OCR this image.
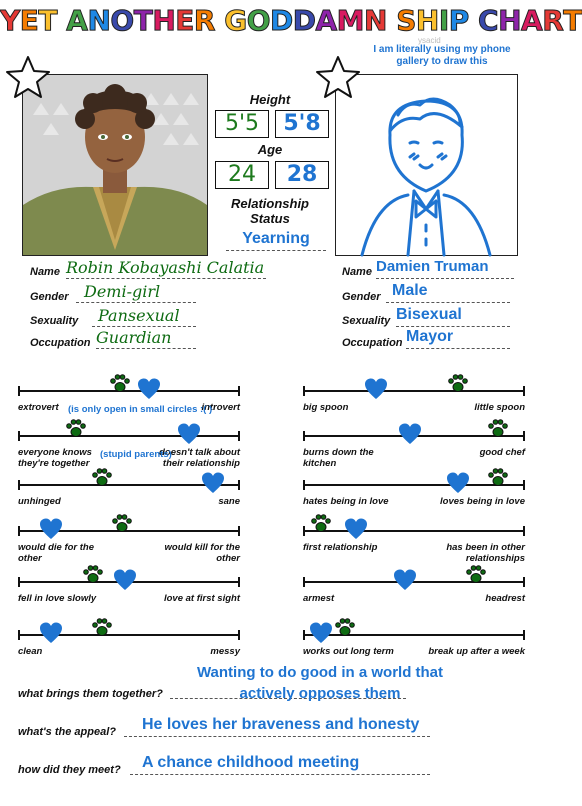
YET ANOTHER GODDAMN SHIP CHART
ysacid
I am literally using my phone gallery to draw this
Height
5'5	5'8
Age
24	28
Relationship
Status
Yearning
Name Robin Kobayashi Calatia
Gender Demi-girl
Sexuality	Pansexual
Occupation Guardian
Name Damien Truman
Gender Male
Sexuality Bisexual
Occupation Mayor
extrovert	introvert
(is only open in small circles :( )
everyone knows they're together
doesn't talk about their relationship
(stupid parents)
unhinged	sane
would die for the other
would kill for the other
fell in love slowly	love at first sight
clean	messy
big spoon	little spoon
burns down the kitchen
good chef
hates being in love	loves being in love
first relationship	has been in other relationships
armest	headrest
works out long term	break up after a week
what brings them together?
Wanting to do good in a world that actively opposes them
what's the appeal? He loves her braveness and honesty
how did they meet? A chance childhood meeting
